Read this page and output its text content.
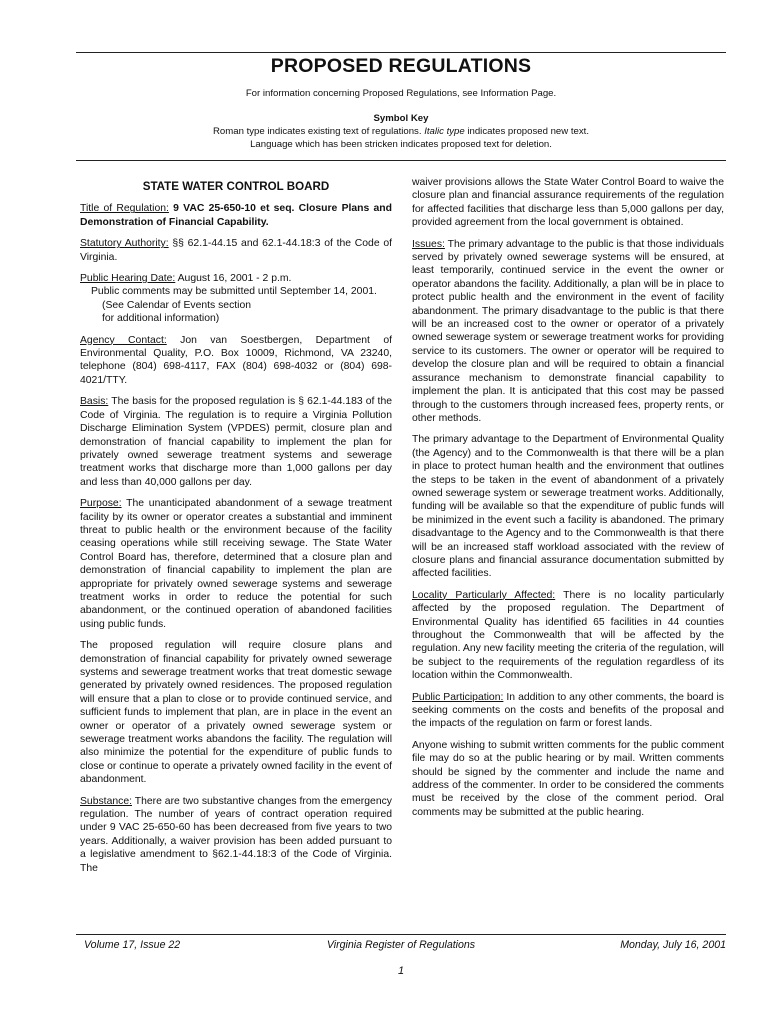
PROPOSED REGULATIONS
For information concerning Proposed Regulations, see Information Page.
Symbol Key
Roman type indicates existing text of regulations. Italic type indicates proposed new text.
Language which has been stricken indicates proposed text for deletion.
STATE WATER CONTROL BOARD

Title of Regulation: 9 VAC 25-650-10 et seq. Closure Plans and Demonstration of Financial Capability.

Statutory Authority: §§ 62.1-44.15 and 62.1-44.18:3 of the Code of Virginia.

Public Hearing Date: August 16, 2001 - 2 p.m.

Public comments may be submitted until September 14, 2001.

(See Calendar of Events section

for additional information)

Agency Contact: Jon van Soestbergen, Department of Environmental Quality, P.O. Box 10009, Richmond, VA 23240, telephone (804) 698-4117, FAX (804) 698-4032 or (804) 698-4021/TTY.

Basis: The basis for the proposed regulation is § 62.1-44.183 of the Code of Virginia. The regulation is to require a Virginia Pollution Discharge Elimination System (VPDES) permit, closure plan and demonstration of fnancial capability to implement the plan for privately owned sewerage treatment systems and sewerage treatment works that discharge more than 1,000 gallons per day and less than 40,000 gallons per day.

Purpose: The unanticipated abandonment of a sewage treatment facility by its owner or operator creates a substantial and imminent threat to public health or the environment because of the facility ceasing operations while still receiving sewage. The State Water Control Board has, therefore, determined that a closure plan and demonstration of financial capability to implement the plan are appropriate for privately owned sewerage systems and sewerage treatment works in order to reduce the potential for such abandonment, or the continued operation of abandoned facilities using public funds.

The proposed regulation will require closure plans and demonstration of financial capability for privately owned sewerage systems and sewerage treatment works that treat domestic sewage generated by privately owned residences. The proposed regulation will ensure that a plan to close or to provide continued service, and sufficient funds to implement that plan, are in place in the event an owner or operator of a privately owned sewerage system or sewerage treatment works abandons the facility. The regulation will also minimize the potential for the expenditure of public funds to close or continue to operate a privately owned facility in the event of abandonment.

Substance: There are two substantive changes from the emergency regulation. The number of years of contract operation required under 9 VAC 25-650-60 has been decreased from five years to two years. Additionally, a waiver provision has been added pursuant to a legislative amendment to §62.1-44.18:3 of the Code of Virginia. The

waiver provisions allows the State Water Control Board to waive the closure plan and financial assurance requirements of the regulation for affected facilities that discharge less than 5,000 gallons per day, provided agreement from the local government is obtained.

Issues: The primary advantage to the public is that those individuals served by privately owned sewerage systems will be ensured, at least temporarily, continued service in the event the owner or operator abandons the facility. Additionally, a plan will be in place to protect public health and the environment in the event of facility abandonment. The primary disadvantage to the public is that there will be an increased cost to the owner or operator of a privately owned sewerage system or sewerage treatment works for providing service to its customers. The owner or operator will be required to develop the closure plan and will be required to obtain a financial assurance mechanism to demonstrate financial capability to implement the plan. It is anticipated that this cost may be passed through to the customers through increased fees, property rents, or other methods.

The primary advantage to the Department of Environmental Quality (the Agency) and to the Commonwealth is that there will be a plan in place to protect human health and the environment that outlines the steps to be taken in the event of abandonment of a privately owned sewerage system or sewerage treatment works. Additionally, funding will be available so that the expenditure of public funds will be minimized in the event such a facility is abandoned. The primary disadvantage to the Agency and to the Commonwealth is that there will be an increased staff workload associated with the review of closure plans and financial assurance documentation submitted by affected facilities.

Locality Particularly Affected: There is no locality particularly affected by the proposed regulation. The Department of Environmental Quality has identified 65 facilities in 44 counties throughout the Commonwealth that will be affected by the regulation. Any new facility meeting the criteria of the regulation, will be subject to the requirements of the regulation regardless of its location within the Commonwealth.

Public Participation: In addition to any other comments, the board is seeking comments on the costs and benefits of the proposal and the impacts of the regulation on farm or forest lands.

Anyone wishing to submit written comments for the public comment file may do so at the public hearing or by mail. Written comments should be signed by the commenter and include the name and address of the commenter. In order to be considered the comments must be received by the close of the comment period. Oral comments may be submitted at the public hearing.

Volume 17, Issue 22	Virginia Register of Regulations	Monday, July 16, 2001
1
